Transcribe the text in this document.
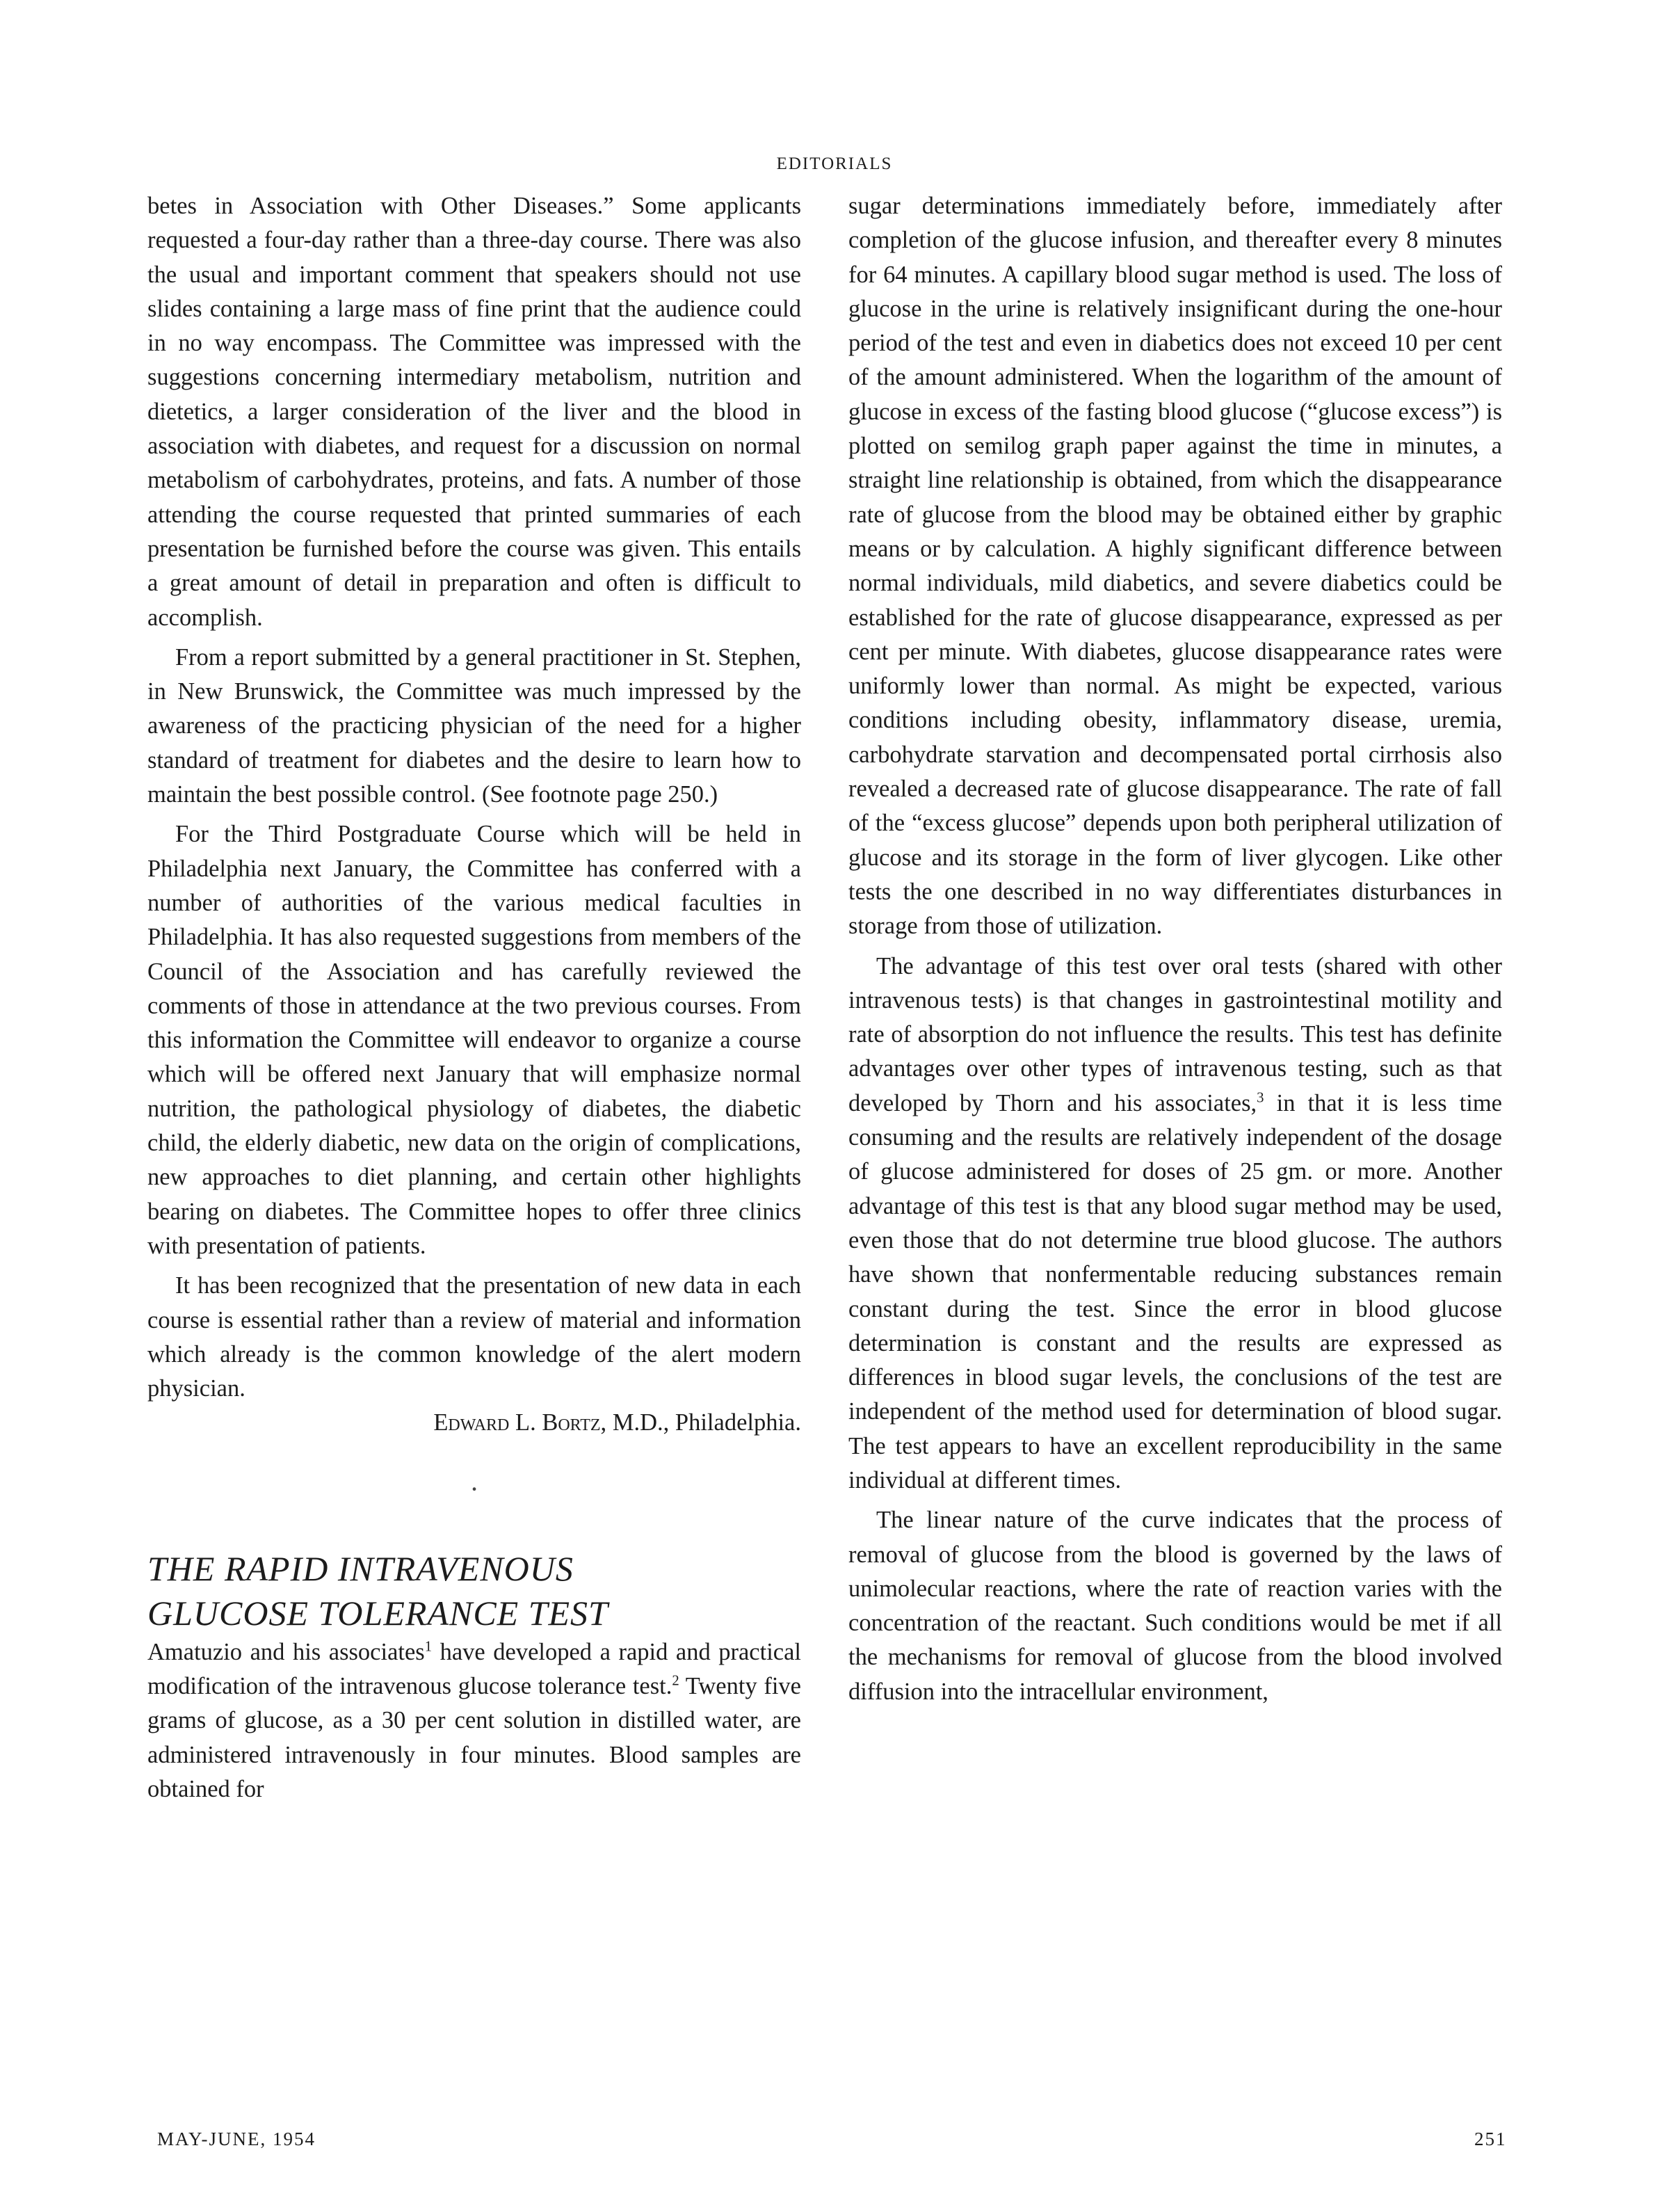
EDITORIALS

betes in Association with Other Diseases.” Some applicants requested a four-day rather than a three-day course. There was also the usual and important comment that speakers should not use slides containing a large mass of fine print that the audience could in no way encompass. The Committee was impressed with the suggestions concerning intermediary metabolism, nutrition and dietetics, a larger consideration of the liver and the blood in association with diabetes, and request for a discussion on normal metabolism of carbohydrates, proteins, and fats. A number of those attending the course requested that printed summaries of each presentation be furnished before the course was given. This entails a great amount of detail in preparation and often is difficult to accomplish.

From a report submitted by a general practitioner in St. Stephen, in New Brunswick, the Committee was much impressed by the awareness of the practicing physician of the need for a higher standard of treatment for diabetes and the desire to learn how to maintain the best possible control. (See footnote page 250.)

For the Third Postgraduate Course which will be held in Philadelphia next January, the Committee has conferred with a number of authorities of the various medical faculties in Philadelphia. It has also requested suggestions from members of the Council of the Association and has carefully reviewed the comments of those in attendance at the two previous courses. From this information the Committee will endeavor to organize a course which will be offered next January that will emphasize normal nutrition, the pathological physiology of diabetes, the diabetic child, the elderly diabetic, new data on the origin of complications, new approaches to diet planning, and certain other highlights bearing on diabetes. The Committee hopes to offer three clinics with presentation of patients.

It has been recognized that the presentation of new data in each course is essential rather than a review of material and information which already is the common knowledge of the alert modern physician.

Edward L. Bortz, M.D., Philadelphia.

·
THE RAPID INTRAVENOUS
GLUCOSE TOLERANCE TEST

Amatuzio and his associates$^1$ have developed a rapid and practical modification of the intravenous glucose tolerance test.$^2$ Twenty five grams of glucose, as a 30 per cent solution in distilled water, are administered intravenously in four minutes. Blood samples are obtained for

sugar determinations immediately before, immediately after completion of the glucose infusion, and thereafter every 8 minutes for 64 minutes. A capillary blood sugar method is used. The loss of glucose in the urine is relatively insignificant during the one-hour period of the test and even in diabetics does not exceed 10 per cent of the amount administered. When the logarithm of the amount of glucose in excess of the fasting blood glucose (“glucose excess”) is plotted on semilog graph paper against the time in minutes, a straight line relationship is obtained, from which the disappearance rate of glucose from the blood may be obtained either by graphic means or by calculation. A highly significant difference between normal individuals, mild diabetics, and severe diabetics could be established for the rate of glucose disappearance, expressed as per cent per minute. With diabetes, glucose disappearance rates were uniformly lower than normal. As might be expected, various conditions including obesity, inflammatory disease, uremia, carbohydrate starvation and decompensated portal cirrhosis also revealed a decreased rate of glucose disappearance. The rate of fall of the “excess glucose” depends upon both peripheral utilization of glucose and its storage in the form of liver glycogen. Like other tests the one described in no way differentiates disturbances in storage from those of utilization.

The advantage of this test over oral tests (shared with other intravenous tests) is that changes in gastrointestinal motility and rate of absorption do not influence the results. This test has definite advantages over other types of intravenous testing, such as that developed by Thorn and his associates,$^3$ in that it is less time consuming and the results are relatively independent of the dosage of glucose administered for doses of 25 gm. or more. Another advantage of this test is that any blood sugar method may be used, even those that do not determine true blood glucose. The authors have shown that nonfermentable reducing substances remain constant during the test. Since the error in blood glucose determination is constant and the results are expressed as differences in blood sugar levels, the conclusions of the test are independent of the method used for determination of blood sugar. The test appears to have an excellent reproducibility in the same individual at different times.

The linear nature of the curve indicates that the process of removal of glucose from the blood is governed by the laws of unimolecular reactions, where the rate of reaction varies with the concentration of the reactant. Such conditions would be met if all the mechanisms for removal of glucose from the blood involved diffusion into the intracellular environment,

MAY-JUNE, 1954	251
